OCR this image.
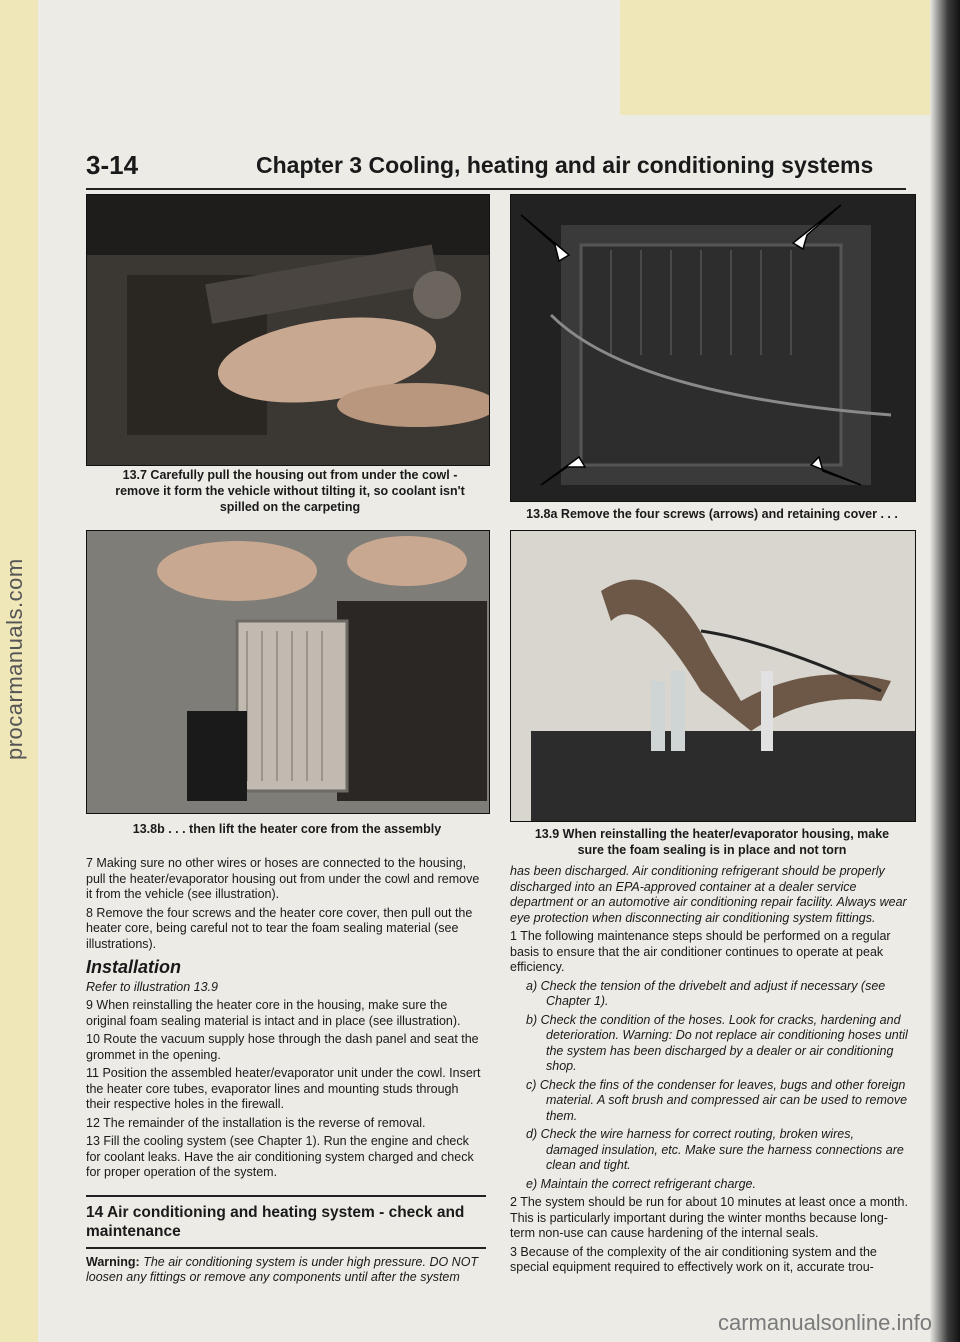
procarmanuals.com
3-14	Chapter 3 Cooling, heating and air conditioning systems
13.7 Carefully pull the housing out from under the cowl - remove it form the vehicle without tilting it, so coolant isn't spilled on the carpeting	13.8a Remove the four screws (arrows) and retaining cover . . .
13.8b . . . then lift the heater core from the assembly	13.9 When reinstalling the heater/evaporator housing, make sure the foam sealing is in place and not torn

7 Making sure no other wires or hoses are connected to the housing, pull the heater/evaporator housing out from under the cowl and remove it from the vehicle (see illustration).

8 Remove the four screws and the heater core cover, then pull out the heater core, being careful not to tear the foam sealing material (see illustrations).

Installation

Refer to illustration 13.9

9 When reinstalling the heater core in the housing, make sure the original foam sealing material is intact and in place (see illustration).

10 Route the vacuum supply hose through the dash panel and seat the grommet in the opening.

11 Position the assembled heater/evaporator unit under the cowl. Insert the heater core tubes, evaporator lines and mounting studs through their respective holes in the firewall.

12 The remainder of the installation is the reverse of removal.

13 Fill the cooling system (see Chapter 1). Run the engine and check for coolant leaks. Have the air conditioning system charged and check for proper operation of the system.

14 Air conditioning and heating system - check and maintenance

Warning: The air conditioning system is under high pressure. DO NOT loosen any fittings or remove any components until after the system

has been discharged. Air conditioning refrigerant should be properly discharged into an EPA-approved container at a dealer service department or an automotive air conditioning repair facility. Always wear eye protection when disconnecting air conditioning system fittings.

1 The following maintenance steps should be performed on a regular basis to ensure that the air conditioner continues to operate at peak efficiency.

a) Check the tension of the drivebelt and adjust if necessary (see Chapter 1).

b) Check the condition of the hoses. Look for cracks, hardening and deterioration. Warning: Do not replace air conditioning hoses until the system has been discharged by a dealer or air conditioning shop.

c) Check the fins of the condenser for leaves, bugs and other foreign material. A soft brush and compressed air can be used to remove them.

d) Check the wire harness for correct routing, broken wires, damaged insulation, etc. Make sure the harness connections are clean and tight.

e) Maintain the correct refrigerant charge.

2 The system should be run for about 10 minutes at least once a month. This is particularly important during the winter months because long-term non-use can cause hardening of the internal seals.

3 Because of the complexity of the air conditioning system and the special equipment required to effectively work on it, accurate trou-

carmanualsonline.info
